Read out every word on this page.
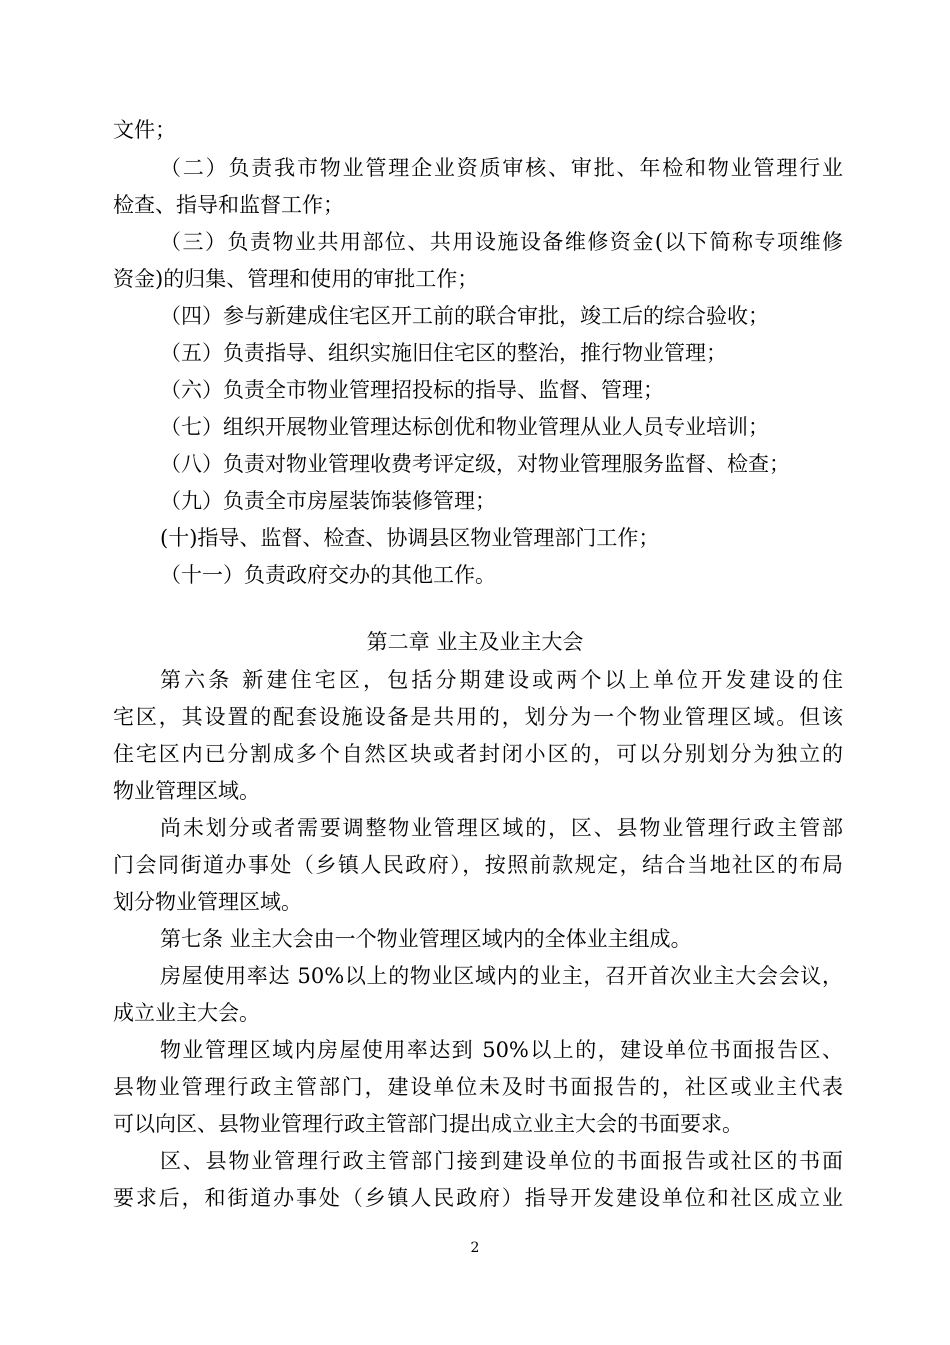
文件；
（二）负责我市物业管理企业资质审核、审批、年检和物业管理行业
检查、指导和监督工作；
（三）负责物业共用部位、共用设施设备维修资金(以下简称专项维修
资金)的归集、管理和使用的审批工作；
（四）参与新建成住宅区开工前的联合审批，竣工后的综合验收；
（五）负责指导、组织实施旧住宅区的整治，推行物业管理；
（六）负责全市物业管理招投标的指导、监督、管理；
（七）组织开展物业管理达标创优和物业管理从业人员专业培训；
（八）负责对物业管理收费考评定级，对物业管理服务监督、检查；
（九）负责全市房屋装饰装修管理；
(十)指导、监督、检查、协调县区物业管理部门工作；
（十一）负责政府交办的其他工作。
第二章 业主及业主大会
第六条 新建住宅区，包括分期建设或两个以上单位开发建设的住
宅区，其设置的配套设施设备是共用的，划分为一个物业管理区域。但该
住宅区内已分割成多个自然区块或者封闭小区的，可以分别划分为独立的
物业管理区域。
尚未划分或者需要调整物业管理区域的，区、县物业管理行政主管部
门会同街道办事处（乡镇人民政府），按照前款规定，结合当地社区的布局
划分物业管理区域。
第七条 业主大会由一个物业管理区域内的全体业主组成。
房屋使用率达 50%以上的物业区域内的业主，召开首次业主大会会议，
成立业主大会。
物业管理区域内房屋使用率达到 50%以上的，建设单位书面报告区、
县物业管理行政主管部门，建设单位未及时书面报告的，社区或业主代表
可以向区、县物业管理行政主管部门提出成立业主大会的书面要求。
区、县物业管理行政主管部门接到建设单位的书面报告或社区的书面
要求后，和街道办事处（乡镇人民政府）指导开发建设单位和社区成立业
2
